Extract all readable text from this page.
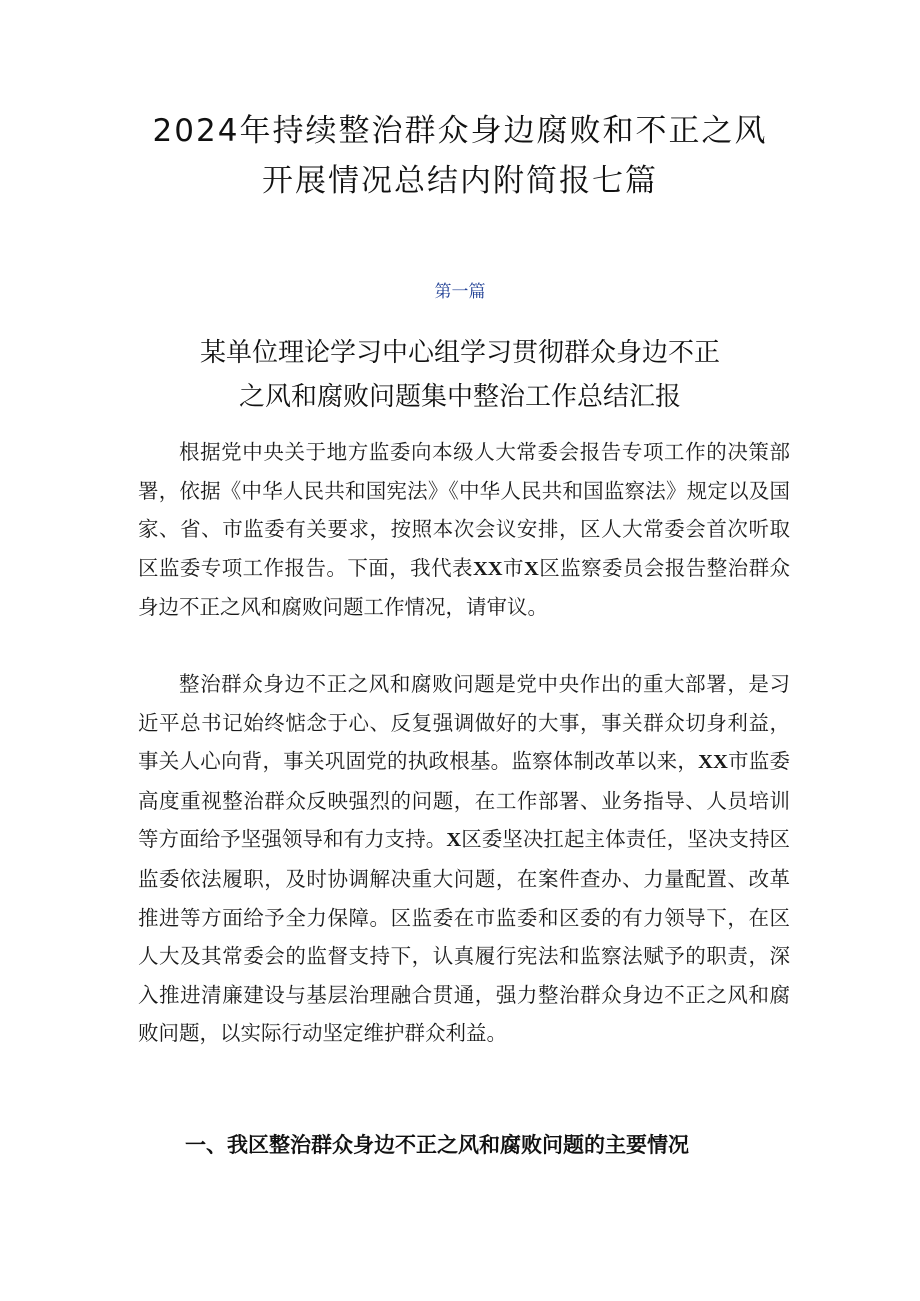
2024年持续整治群众身边腐败和不正之风
开展情况总结内附简报七篇
第一篇
某单位理论学习中心组学习贯彻群众身边不正
之风和腐败问题集中整治工作总结汇报

根据党中央关于地方监委向本级人大常委会报告专项工作的决策部署，依据《中华人民共和国宪法》《中华人民共和国监察法》规定以及国家、省、市监委有关要求，按照本次会议安排，区人大常委会首次听取区监委专项工作报告。下面，我代表XX市X区监察委员会报告整治群众身边不正之风和腐败问题工作情况，请审议。

整治群众身边不正之风和腐败问题是党中央作出的重大部署，是习近平总书记始终惦念于心、反复强调做好的大事，事关群众切身利益，事关人心向背，事关巩固党的执政根基。监察体制改革以来，XX市监委高度重视整治群众反映强烈的问题，在工作部署、业务指导、人员培训等方面给予坚强领导和有力支持。X区委坚决扛起主体责任，坚决支持区监委依法履职，及时协调解决重大问题，在案件查办、力量配置、改革推进等方面给予全力保障。区监委在市监委和区委的有力领导下，在区人大及其常委会的监督支持下，认真履行宪法和监察法赋予的职责，深入推进清廉建设与基层治理融合贯通，强力整治群众身边不正之风和腐败问题，以实际行动坚定维护群众利益。

一、我区整治群众身边不正之风和腐败问题的主要情况
